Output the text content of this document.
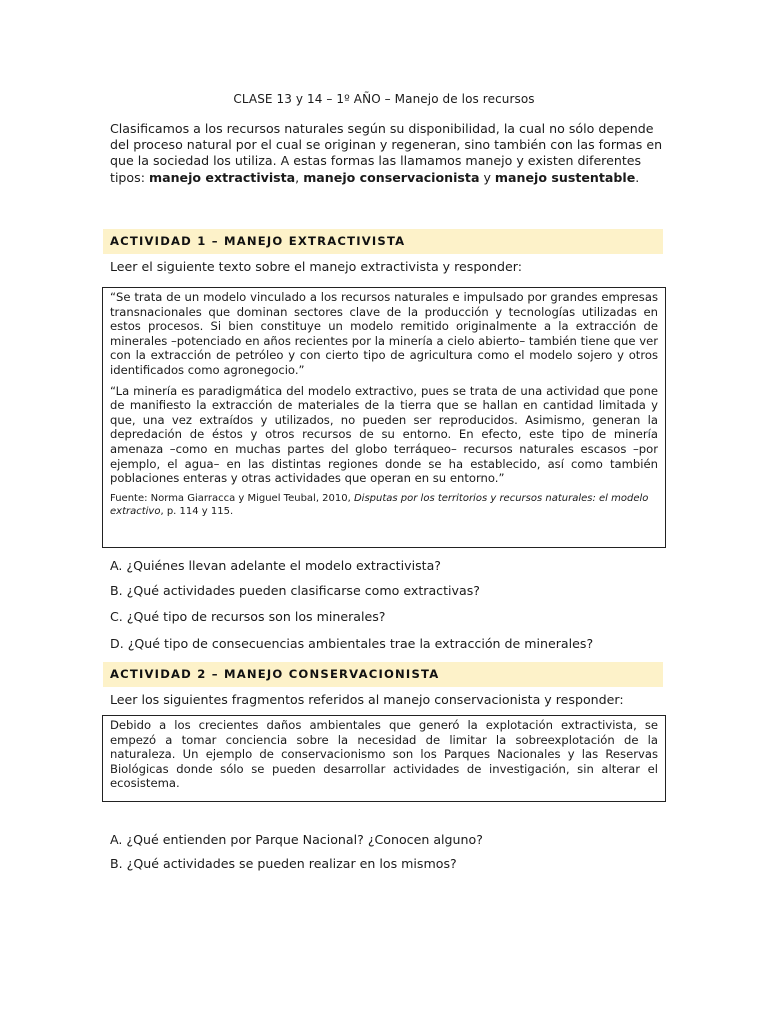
CLASE 13 y 14 – 1º AÑO – Manejo de los recursos

Clasificamos a los recursos naturales según su disponibilidad, la cual no sólo depende del proceso natural por el cual se originan y regeneran, sino también con las formas en que la sociedad los utiliza. A estas formas las llamamos manejo y existen diferentes tipos: manejo extractivista, manejo conservacionista y manejo sustentable.

ACTIVIDAD 1 – MANEJO EXTRACTIVISTA

Leer el siguiente texto sobre el manejo extractivista y responder:

“Se trata de un modelo vinculado a los recursos naturales e impulsado por grandes empresas transnacionales que dominan sectores clave de la producción y tecnologías utilizadas en estos procesos. Si bien constituye un modelo remitido originalmente a la extracción de minerales –potenciado en años recientes por la minería a cielo abierto– también tiene que ver con la extracción de petróleo y con cierto tipo de agricultura como el modelo sojero y otros identificados como agronegocio.”

“La minería es paradigmática del modelo extractivo, pues se trata de una actividad que pone de manifiesto la extracción de materiales de la tierra que se hallan en cantidad limitada y que, una vez extraídos y utilizados, no pueden ser reproducidos. Asimismo, generan la depredación de éstos y otros recursos de su entorno. En efecto, este tipo de minería amenaza –como en muchas partes del globo terráqueo– recursos naturales escasos –por ejemplo, el agua– en las distintas regiones donde se ha establecido, así como también poblaciones enteras y otras actividades que operan en su entorno.”

Fuente: Norma Giarracca y Miguel Teubal, 2010, Disputas por los territorios y recursos naturales: el modelo extractivo, p. 114 y 115.

A. ¿Quiénes llevan adelante el modelo extractivista?

B. ¿Qué actividades pueden clasificarse como extractivas?

C. ¿Qué tipo de recursos son los minerales?

D. ¿Qué tipo de consecuencias ambientales trae la extracción de minerales?

ACTIVIDAD 2 – MANEJO CONSERVACIONISTA

Leer los siguientes fragmentos referidos al manejo conservacionista y responder:

Debido a los crecientes daños ambientales que generó la explotación extractivista, se empezó a tomar conciencia sobre la necesidad de limitar la sobreexplotación de la naturaleza. Un ejemplo de conservacionismo son los Parques Nacionales y las Reservas Biológicas donde sólo se pueden desarrollar actividades de investigación, sin alterar el ecosistema.

A. ¿Qué entienden por Parque Nacional? ¿Conocen alguno?

B. ¿Qué actividades se pueden realizar en los mismos?
